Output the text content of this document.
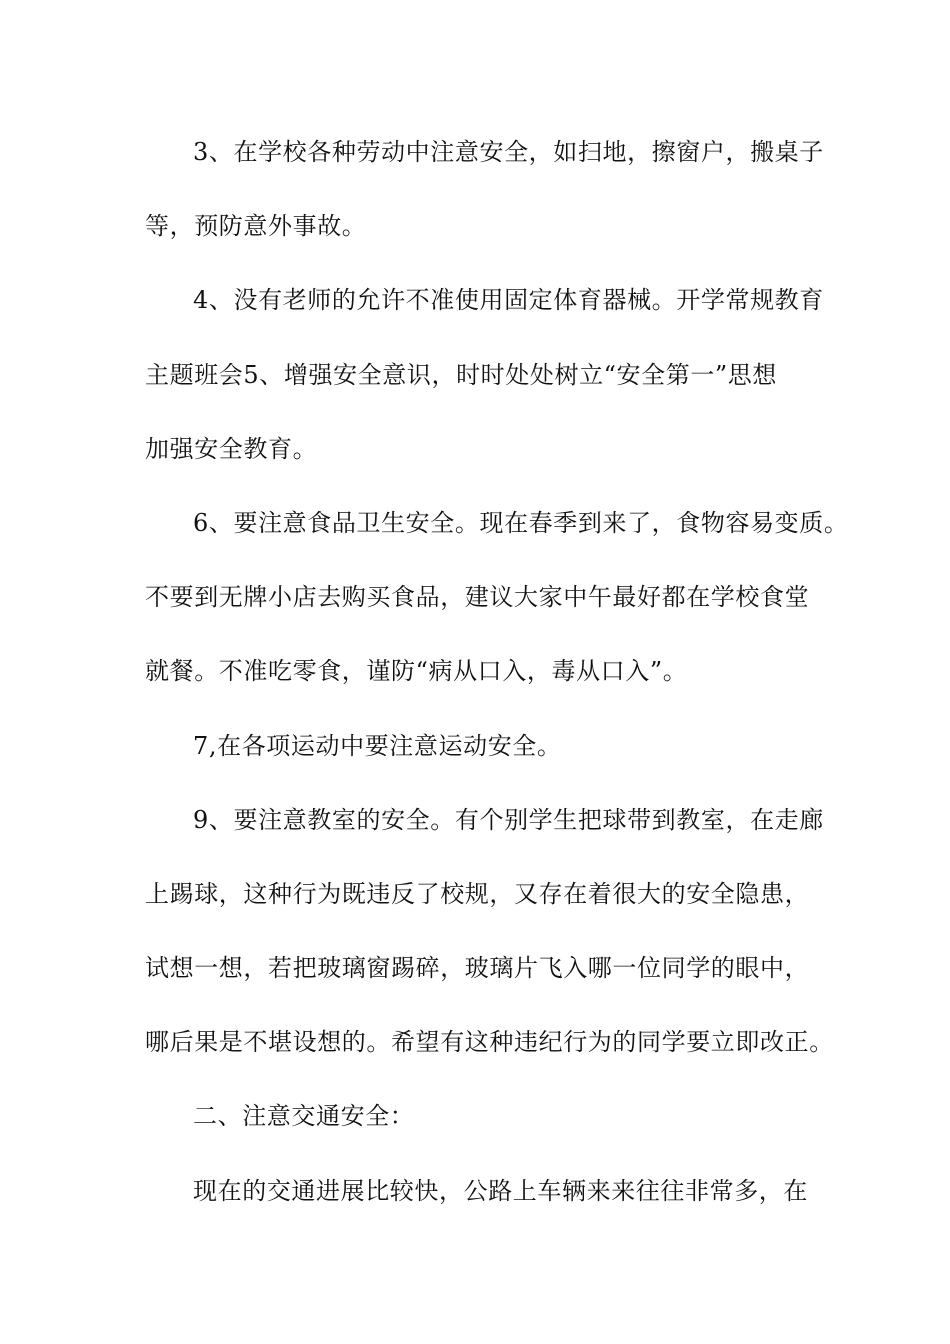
3、在学校各种劳动中注意安全，如扫地，擦窗户，搬桌子
等，预防意外事故。
4、没有老师的允许不准使用固定体育器械。开学常规教育
主题班会5、增强安全意识，时时处处树立“安全第一”思想
加强安全教育。
6、要注意食品卫生安全。现在春季到来了，食物容易变质。
不要到无牌小店去购买食品，建议大家中午最好都在学校食堂
就餐。不准吃零食，谨防“病从口入，毒从口入”。
7,在各项运动中要注意运动安全。
9、要注意教室的安全。有个别学生把球带到教室，在走廊
上踢球，这种行为既违反了校规，又存在着很大的安全隐患，
试想一想，若把玻璃窗踢碎，玻璃片飞入哪一位同学的眼中，
哪后果是不堪设想的。希望有这种违纪行为的同学要立即改正。
二、注意交通安全：
现在的交通进展比较快，公路上车辆来来往往非常多，在
